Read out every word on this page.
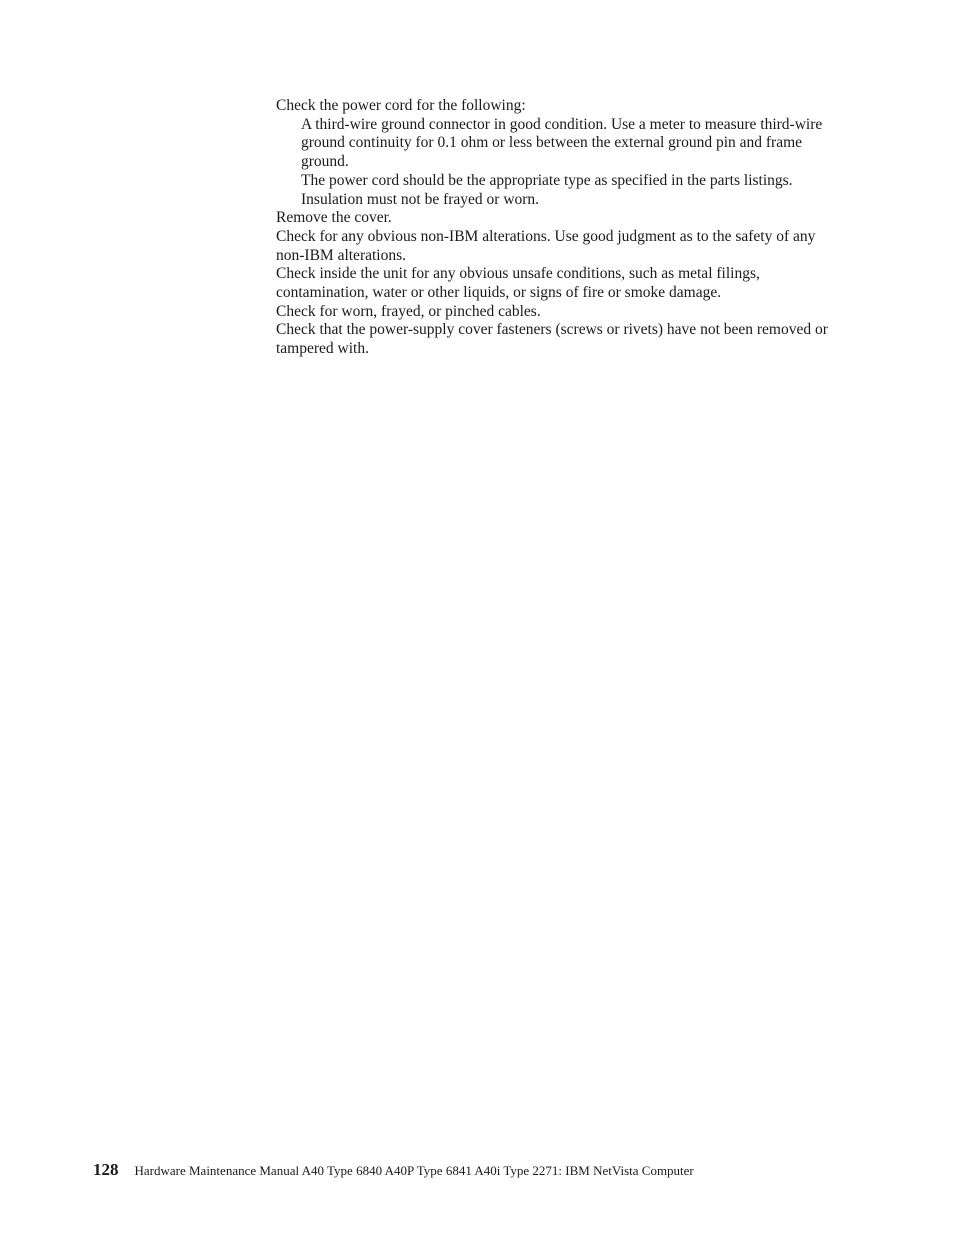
Check the power cord for the following:

A third-wire ground connector in good condition. Use a meter to measure third-wire ground continuity for 0.1 ohm or less between the external ground pin and frame ground.

The power cord should be the appropriate type as specified in the parts listings.

Insulation must not be frayed or worn.

Remove the cover.

Check for any obvious non-IBM alterations. Use good judgment as to the safety of any non-IBM alterations.

Check inside the unit for any obvious unsafe conditions, such as metal filings, contamination, water or other liquids, or signs of fire or smoke damage.

Check for worn, frayed, or pinched cables.

Check that the power-supply cover fasteners (screws or rivets) have not been removed or tampered with.

128 Hardware Maintenance Manual A40 Type 6840 A40P Type 6841 A40i Type 2271: IBM NetVista Computer
